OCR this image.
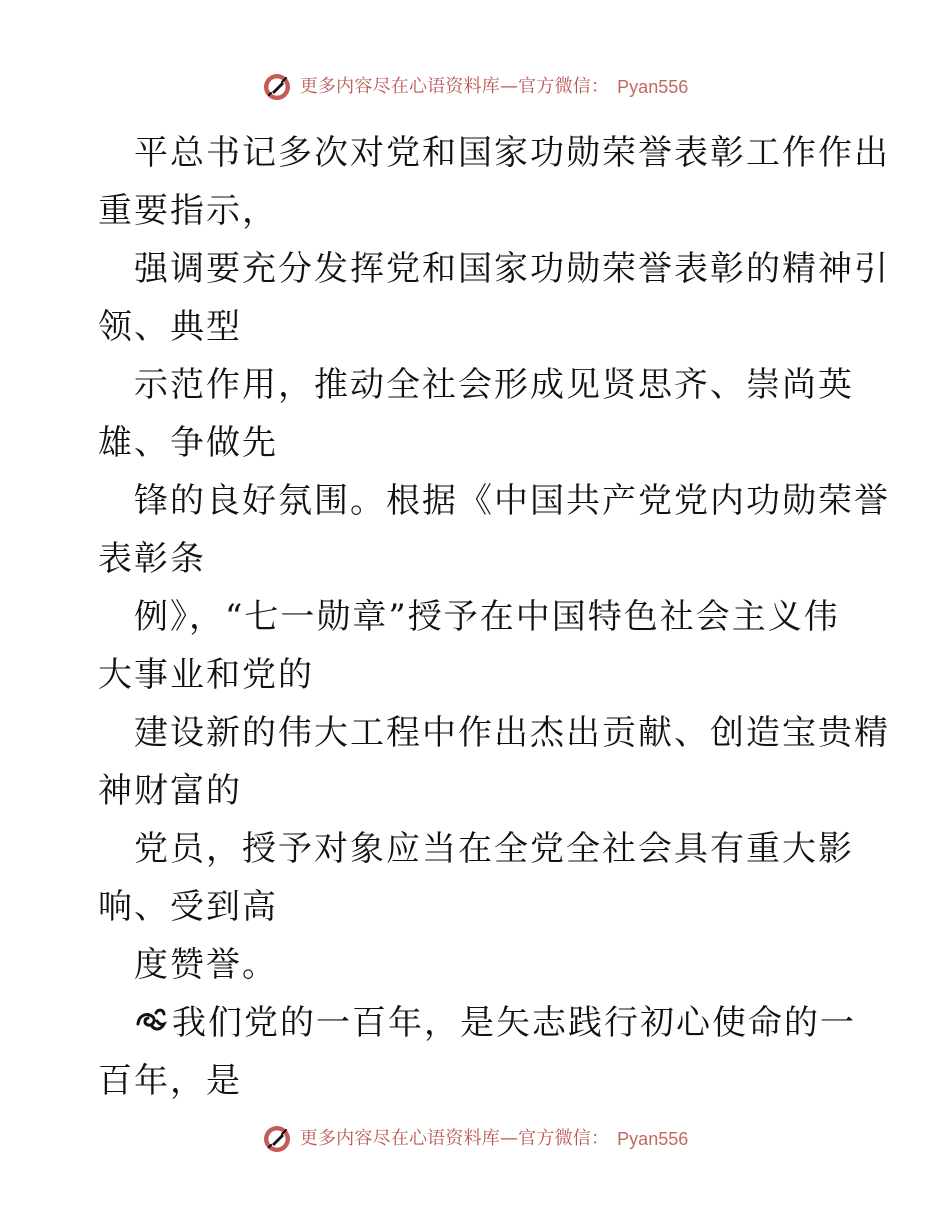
更多内容尽在心语资料库—官方微信： Pyan556
平总书记多次对党和国家功勋荣誉表彰工作作出
重要指示，
强调要充分发挥党和国家功勋荣誉表彰的精神引
领、典型
示范作用，推动全社会形成见贤思齐、崇尚英
雄、争做先
锋的良好氛围。根据《中国共产党党内功勋荣誉
表彰条
例》，“七一勋章”授予在中国特色社会主义伟
大事业和党的
建设新的伟大工程中作出杰出贡献、创造宝贵精
神财富的
党员，授予对象应当在全党全社会具有重大影
响、受到高
度赞誉。
我们党的一百年，是矢志践行初心使命的一
百年，是
更多内容尽在心语资料库—官方微信： Pyan556
